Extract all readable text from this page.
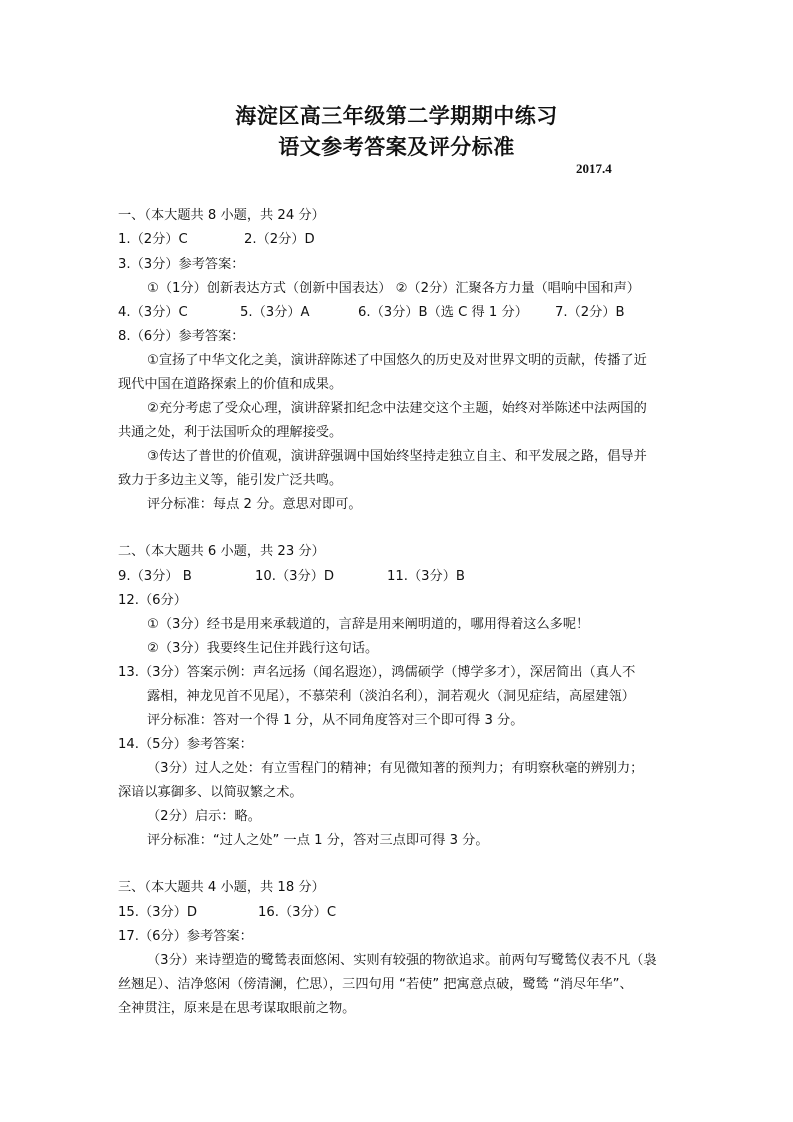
海淀区高三年级第二学期期中练习
语文参考答案及评分标准
2017.4
一、（本大题共 8 小题，共 24 分）
1.（2分）C	2.（2分）D
3.（3分）参考答案：
①（1分）创新表达方式（创新中国表达） ②（2分）汇聚各方力量（唱响中国和声）
4.（3分）C	5.（3分）A	6.（3分）B（选 C 得 1 分） 7.（2分）B
8.（6分）参考答案：
①宣扬了中华文化之美，演讲辞陈述了中国悠久的历史及对世界文明的贡献，传播了近
现代中国在道路探索上的价值和成果。
②充分考虑了受众心理，演讲辞紧扣纪念中法建交这个主题，始终对举陈述中法两国的
共通之处，利于法国听众的理解接受。
③传达了普世的价值观，演讲辞强调中国始终坚持走独立自主、和平发展之路，倡导并
致力于多边主义等，能引发广泛共鸣。
评分标准：每点 2 分。意思对即可。
二、（本大题共 6 小题，共 23 分）
9.（3分） B	10.（3分）D	11.（3分）B
12.（6分）
①（3分）经书是用来承载道的，言辞是用来阐明道的，哪用得着这么多呢！
②（3分）我要终生记住并践行这句话。
13.（3分）答案示例：声名远扬（闻名遐迩），鸿儒硕学（博学多才），深居简出（真人不
露相，神龙见首不见尾），不慕荣利（淡泊名利），洞若观火（洞见症结，高屋建瓴）
评分标准：答对一个得 1 分，从不同角度答对三个即可得 3 分。
14.（5分）参考答案：
（3分）过人之处：有立雪程门的精神；有见微知著的预判力；有明察秋毫的辨别力；
深谙以寡御多、以简驭繁之术。
（2分）启示：略。
评分标准：“过人之处” 一点 1 分，答对三点即可得 3 分。
三、（本大题共 4 小题，共 18 分）
15.（3分）D	16.（3分）C
17.（6分）参考答案：
（3分）来诗塑造的鹭鸶表面悠闲、实则有较强的物欲追求。前两句写鹭鸶仪表不凡（袅
丝翘足）、洁净悠闲（傍清澜，伫思），三四句用 “若使” 把寓意点破，鹭鸶 “消尽年华”、
全神贯注，原来是在思考谋取眼前之物。
